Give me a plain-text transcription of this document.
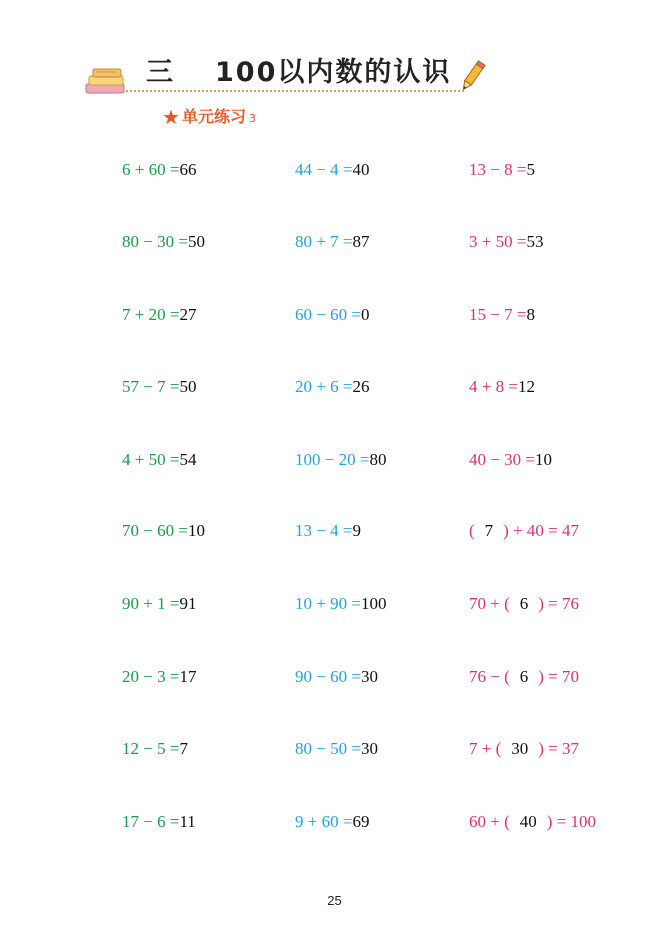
三 100以内数的认识
★ 单元练习 3
6 + 60 =66
80 − 30 =50
7 + 20 =27
57 − 7 =50
4 + 50 =54
70 − 60 =10
90 + 1 =91
20 − 3 =17
12 − 5 =7
17 − 6 =11
44 − 4 =40
80 + 7 =87
60 − 60 =0
20 + 6 =26
100 − 20 =80
13 − 4 =9
10 + 90 =100
90 − 60 =30
80 − 50 =30
9 + 60 =69
13 − 8 =5
3 + 50 =53
15 − 7 =8
4 + 8 =12
40 − 30 =10
( 7 ) + 40 = 47
70 + ( 6 ) = 76
76 − ( 6 ) = 70
7 + ( 30 ) = 37
60 + ( 40 ) = 100
25
